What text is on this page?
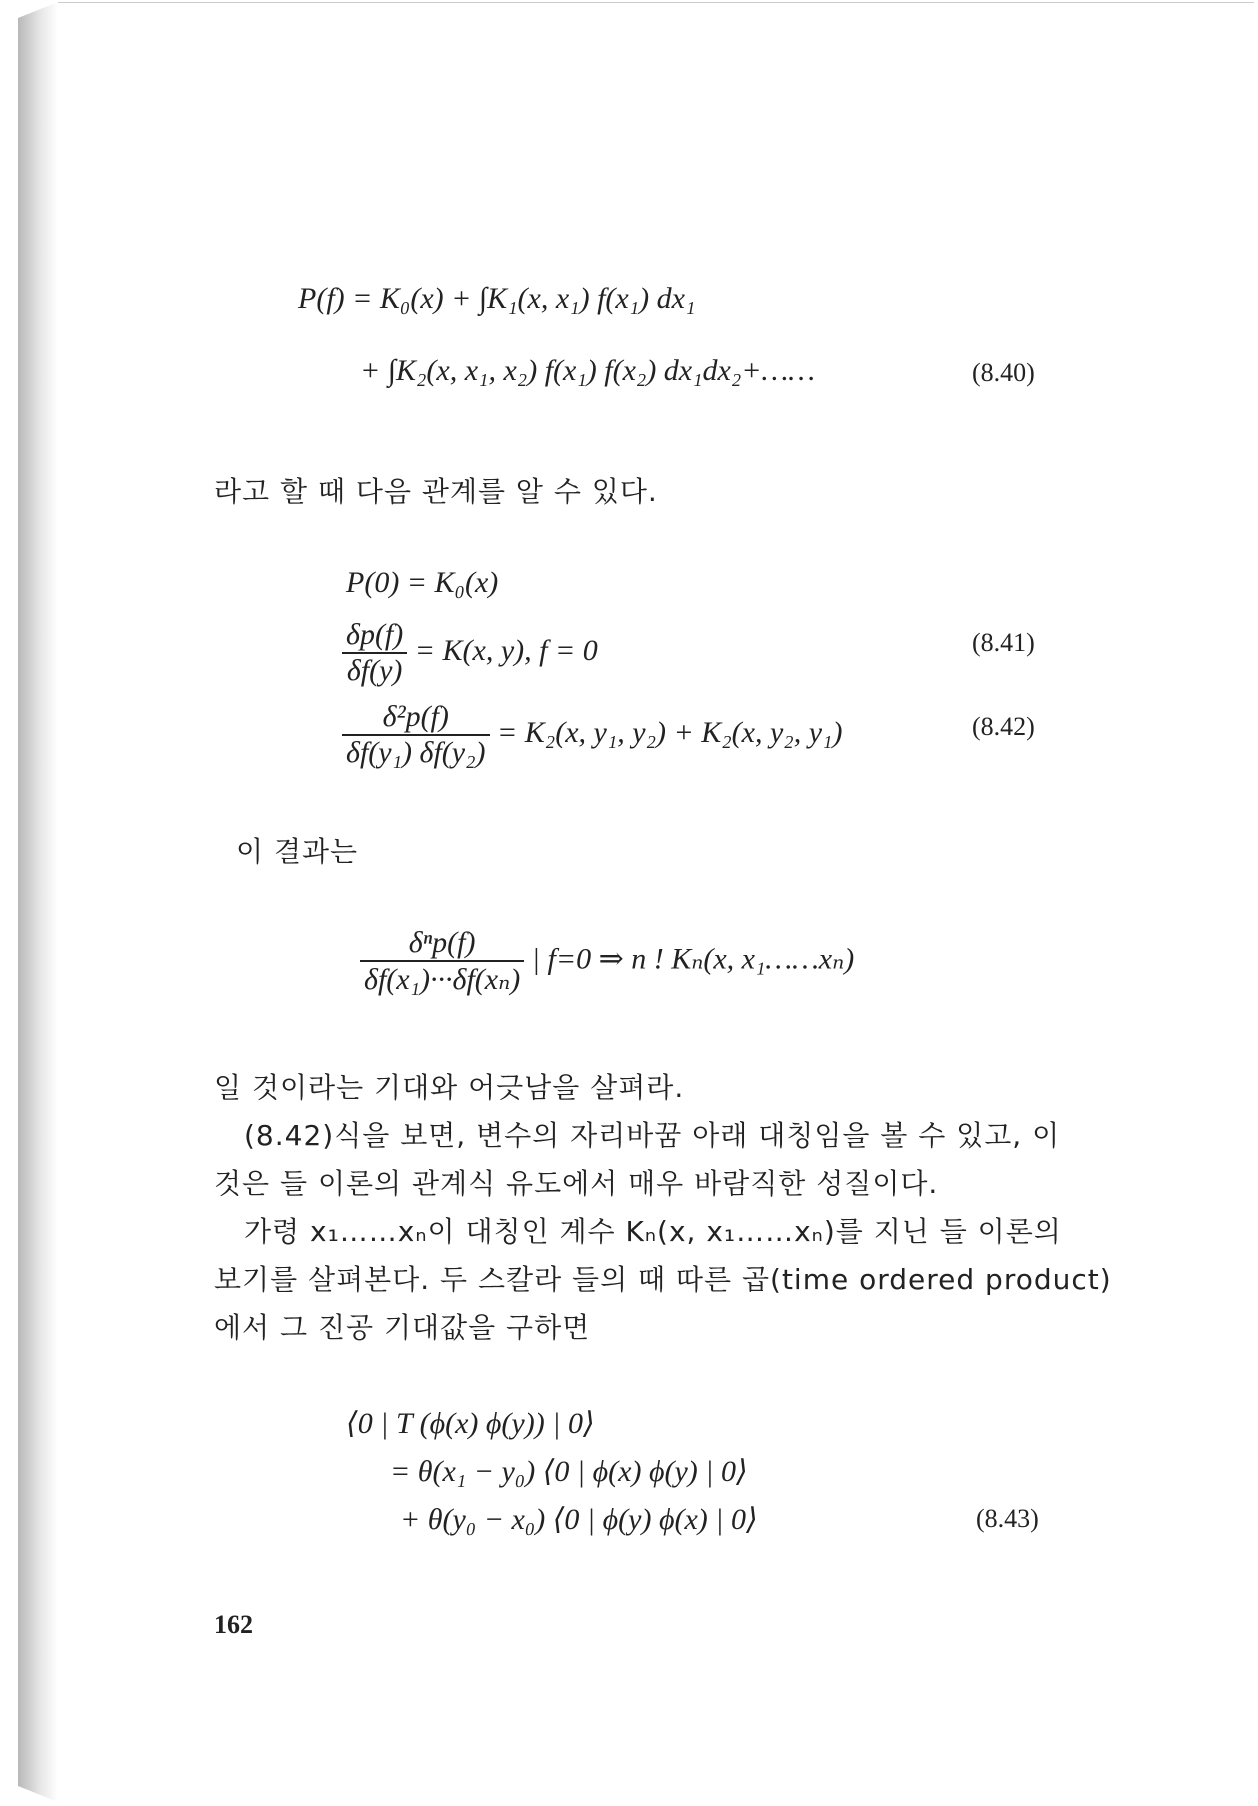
P(f) = K₀(x) + ∫K₁(x, x₁) f(x₁) dx₁
+ ∫K₂(x, x₁, x₂) f(x₁) f(x₂) dx₁dx₂+……	(8.40)
라고 할 때 다음 관계를 알 수 있다.
P(0) = K₀(x)
$\frac{\delta p(f)}{\delta f(y)} = K(x$, y), f = 0	(8.41)
$\frac{\text{δ²p(f)}}{\text{δf(y₁) δf(y₂)}} = K_2(x$, y₁, y₂) + K₂(x, y₂, y₁)	(8.42)
이 결과는
$\frac{\text{δⁿp(f)}}{\text{δf(x₁)···δf(xₙ)}}$ | f=0 ⇒ n ! Kₙ(x, x₁……xₙ)
일 것이라는 기대와 어긋남을 살펴라.
(8.42)식을 보면, 변수의 자리바꿈 아래 대칭임을 볼 수 있고, 이
것은 들 이론의 관계식 유도에서 매우 바람직한 성질이다.
가령 x₁……xₙ이 대칭인 계수 Kₙ(x, x₁……xₙ)를 지닌 들 이론의
보기를 살펴본다. 두 스칼라 들의 때 따른 곱(time ordered product)
에서 그 진공 기대값을 구하면
⟨0 | T (ϕ(x) ϕ(y)) | 0⟩
= θ(x₁ − y₀) ⟨0 | ϕ(x) ϕ(y) | 0⟩
+ θ(y₀ − x₀) ⟨0 | ϕ(y) ϕ(x) | 0⟩	(8.43)
162
